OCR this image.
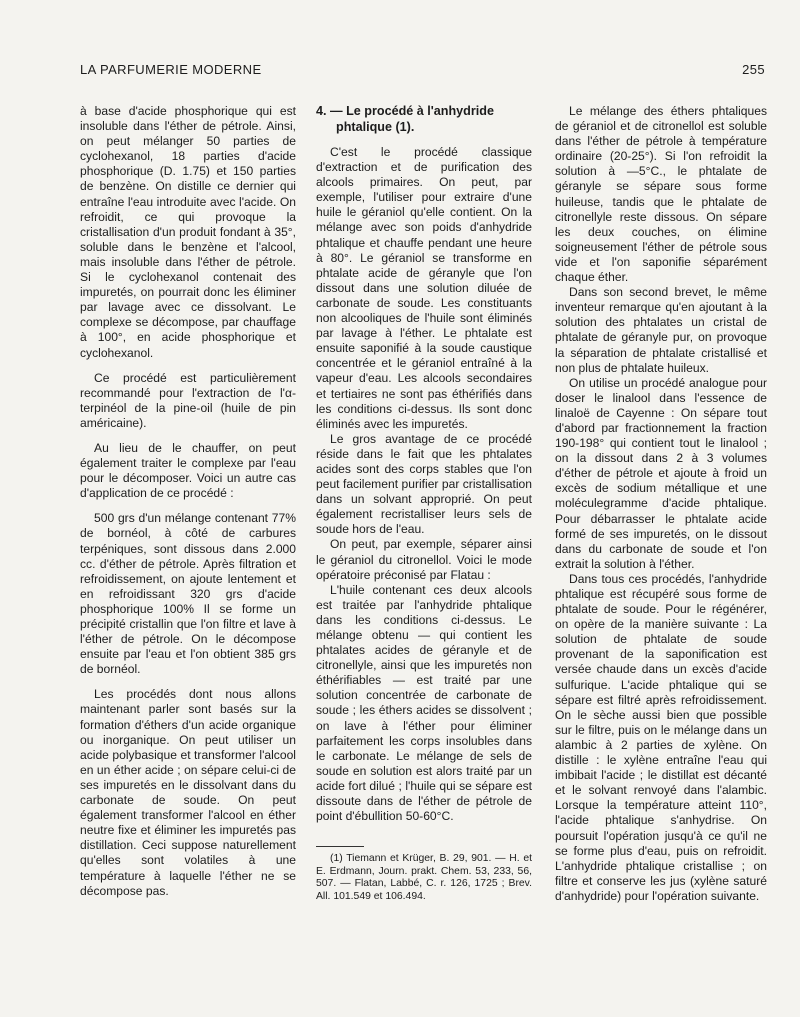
LA PARFUMERIE MODERNE	255

à base d'acide phosphorique qui est insoluble dans l'éther de pétrole. Ainsi, on peut mélanger 50 parties de cyclohexanol, 18 parties d'acide phosphorique (D. 1.75) et 150 parties de benzène. On distille ce dernier qui entraîne l'eau introduite avec l'acide. On refroidit, ce qui provoque la cristallisation d'un produit fondant à 35°, soluble dans le benzène et l'alcool, mais insoluble dans l'éther de pétrole. Si le cyclohexanol contenait des impuretés, on pourrait donc les éliminer par lavage avec ce dissolvant. Le complexe se décompose, par chauffage à 100°, en acide phosphorique et cyclohexanol.

Ce procédé est particulièrement recommandé pour l'extraction de l'α-terpinéol de la pine-oil (huile de pin américaine).

Au lieu de le chauffer, on peut également traiter le complexe par l'eau pour le décomposer. Voici un autre cas d'application de ce procédé :

500 grs d'un mélange contenant 77% de bornéol, à côté de carbures terpéniques, sont dissous dans 2.000 cc. d'éther de pétrole. Après filtration et refroidissement, on ajoute lentement et en refroidissant 320 grs d'acide phosphorique 100% Il se forme un précipité cristallin que l'on filtre et lave à l'éther de pétrole. On le décompose ensuite par l'eau et l'on obtient 385 grs de bornéol.

Les procédés dont nous allons maintenant parler sont basés sur la formation d'éthers d'un acide organique ou inorganique. On peut utiliser un acide polybasique et transformer l'alcool en un éther acide ; on sépare celui-ci de ses impuretés en le dissolvant dans du carbonate de soude. On peut également transformer l'alcool en éther neutre fixe et éliminer les impuretés pas distillation. Ceci suppose naturellement qu'elles sont volatiles à une température à laquelle l'éther ne se décompose pas.

4. — Le procédé à l'anhydride
phtalique (1).

C'est le procédé classique d'extraction et de purification des alcools primaires. On peut, par exemple, l'utiliser pour extraire d'une huile le géraniol qu'elle contient. On la mélange avec son poids d'anhydride phtalique et chauffe pendant une heure à 80°. Le géraniol se transforme en phtalate acide de géranyle que l'on dissout dans une solution diluée de carbonate de soude. Les constituants non alcooliques de l'huile sont éliminés par lavage à l'éther. Le phtalate est ensuite saponifié à la soude caustique concentrée et le géraniol entraîné à la vapeur d'eau. Les alcools secondaires et tertiaires ne sont pas éthérifiés dans les conditions ci-dessus. Ils sont donc éliminés avec les impuretés.

Le gros avantage de ce procédé réside dans le fait que les phtalates acides sont des corps stables que l'on peut facilement purifier par cristallisation dans un solvant approprié. On peut également recristalliser leurs sels de soude hors de l'eau.

On peut, par exemple, séparer ainsi le géraniol du citronellol. Voici le mode opératoire préconisé par Flatau :

L'huile contenant ces deux alcools est traitée par l'anhydride phtalique dans les conditions ci-dessus. Le mélange obtenu — qui contient les phtalates acides de géranyle et de citronellyle, ainsi que les impuretés non éthérifiables — est traité par une solution concentrée de carbonate de soude ; les éthers acides se dissolvent ; on lave à l'éther pour éliminer parfaitement les corps insolubles dans le carbonate. Le mélange de sels de soude en solution est alors traité par un acide fort dilué ; l'huile qui se sépare est dissoute dans de l'éther de pétrole de point d'ébullition 50-60°C.

(1) Tiemann et Krüger, B. 29, 901. — H. et E. Erdmann, Journ. prakt. Chem. 53, 233, 56, 507. — Flatan, Labbé, C. r. 126, 1725 ; Brev. All. 101.549 et 106.494.

Le mélange des éthers phtaliques de géraniol et de citronellol est soluble dans l'éther de pétrole à température ordinaire (20-25°). Si l'on refroidit la solution à —5°C., le phtalate de géranyle se sépare sous forme huileuse, tandis que le phtalate de citronellyle reste dissous. On sépare les deux couches, on élimine soigneusement l'éther de pétrole sous vide et l'on saponifie séparément chaque éther.

Dans son second brevet, le même inventeur remarque qu'en ajoutant à la solution des phtalates un cristal de phtalate de géranyle pur, on provoque la séparation de phtalate cristallisé et non plus de phtalate huileux.

On utilise un procédé analogue pour doser le linalool dans l'essence de linaloë de Cayenne : On sépare tout d'abord par fractionnement la fraction 190-198° qui contient tout le linalool ; on la dissout dans 2 à 3 volumes d'éther de pétrole et ajoute à froid un excès de sodium métallique et une moléculegramme d'acide phtalique. Pour débarrasser le phtalate acide formé de ses impuretés, on le dissout dans du carbonate de soude et l'on extrait la solution à l'éther.

Dans tous ces procédés, l'anhydride phtalique est récupéré sous forme de phtalate de soude. Pour le régénérer, on opère de la manière suivante : La solution de phtalate de soude provenant de la saponification est versée chaude dans un excès d'acide sulfurique. L'acide phtalique qui se sépare est filtré après refroidissement. On le sèche aussi bien que possible sur le filtre, puis on le mélange dans un alambic à 2 parties de xylène. On distille : le xylène entraîne l'eau qui imbibait l'acide ; le distillat est décanté et le solvant renvoyé dans l'alambic. Lorsque la température atteint 110°, l'acide phtalique s'anhydrise. On poursuit l'opération jusqu'à ce qu'il ne se forme plus d'eau, puis on refroidit. L'anhydride phtalique cristallise ; on filtre et conserve les jus (xylène saturé d'anhydride) pour l'opération suivante.
